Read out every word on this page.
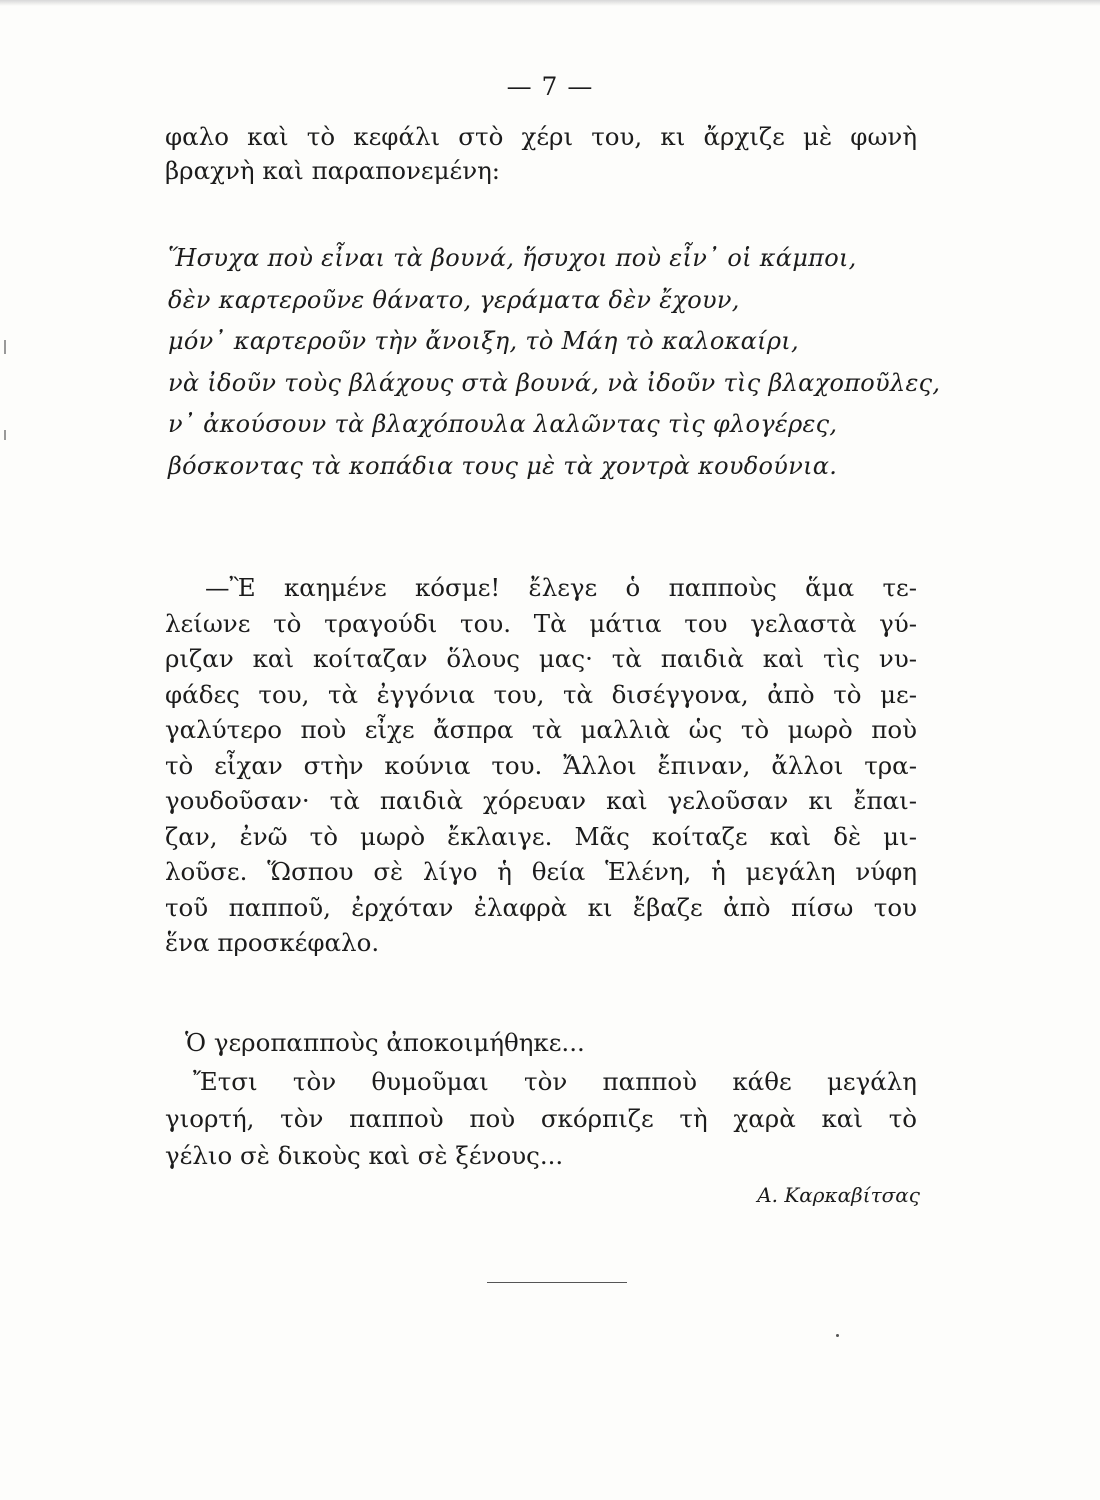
— 7 —
φαλο καὶ τὸ κεφάλι στὸ χέρι του, κι ἄρχιζε μὲ φωνὴ
βραχνὴ καὶ παραπονεμένη:
Ἥσυχα ποὺ εἶναι τὰ βουνά, ἥσυχοι ποὺ εἶν᾽ οἱ κάμποι,
δὲν καρτεροῦνε θάνατο, γεράματα δὲν ἔχουν,
μόν᾽ καρτεροῦν τὴν ἄνοιξη, τὸ Μάη τὸ καλοκαίρι,
νὰ ἰδοῦν τοὺς βλάχους στὰ βουνά, νὰ ἰδοῦν τὶς βλαχοποῦλες,
ν᾽ ἀκούσουν τὰ βλαχόπουλα λαλῶντας τὶς φλογέρες,
βόσκοντας τὰ κοπάδια τους μὲ τὰ χοντρὰ κουδούνια.
—Ἒ καημένε κόσμε! ἔλεγε ὁ παπποὺς ἅμα τε-
λείωνε τὸ τραγούδι του. Τὰ μάτια του γελαστὰ γύ-
ριζαν καὶ κοίταζαν ὅλους μας· τὰ παιδιὰ καὶ τὶς νυ-
φάδες του, τὰ ἐγγόνια του, τὰ δισέγγονα, ἀπὸ τὸ με-
γαλύτερο ποὺ εἶχε ἄσπρα τὰ μαλλιὰ ὡς τὸ μωρὸ ποὺ
τὸ εἶχαν στὴν κούνια του. Ἄλλοι ἔπιναν, ἄλλοι τρα-
γουδοῦσαν· τὰ παιδιὰ χόρευαν καὶ γελοῦσαν κι ἔπαι-
ζαν, ἐνῶ τὸ μωρὸ ἔκλαιγε. Μᾶς κοίταζε καὶ δὲ μι-
λοῦσε. Ὥσπου σὲ λίγο ἡ θεία Ἑλένη, ἡ μεγάλη νύφη
τοῦ παπποῦ, ἐρχόταν ἐλαφρὰ κι ἔβαζε ἀπὸ πίσω του
ἕνα προσκέφαλο.
Ὁ γεροπαπποὺς ἀποκοιμήθηκε...
Ἔτσι τὸν θυμοῦμαι τὸν παπποὺ κάθε μεγάλη
γιορτή, τὸν παπποὺ ποὺ σκόρπιζε τὴ χαρὰ καὶ τὸ
γέλιο σὲ δικοὺς καὶ σὲ ξένους...
Α. Καρκαβίτσας
